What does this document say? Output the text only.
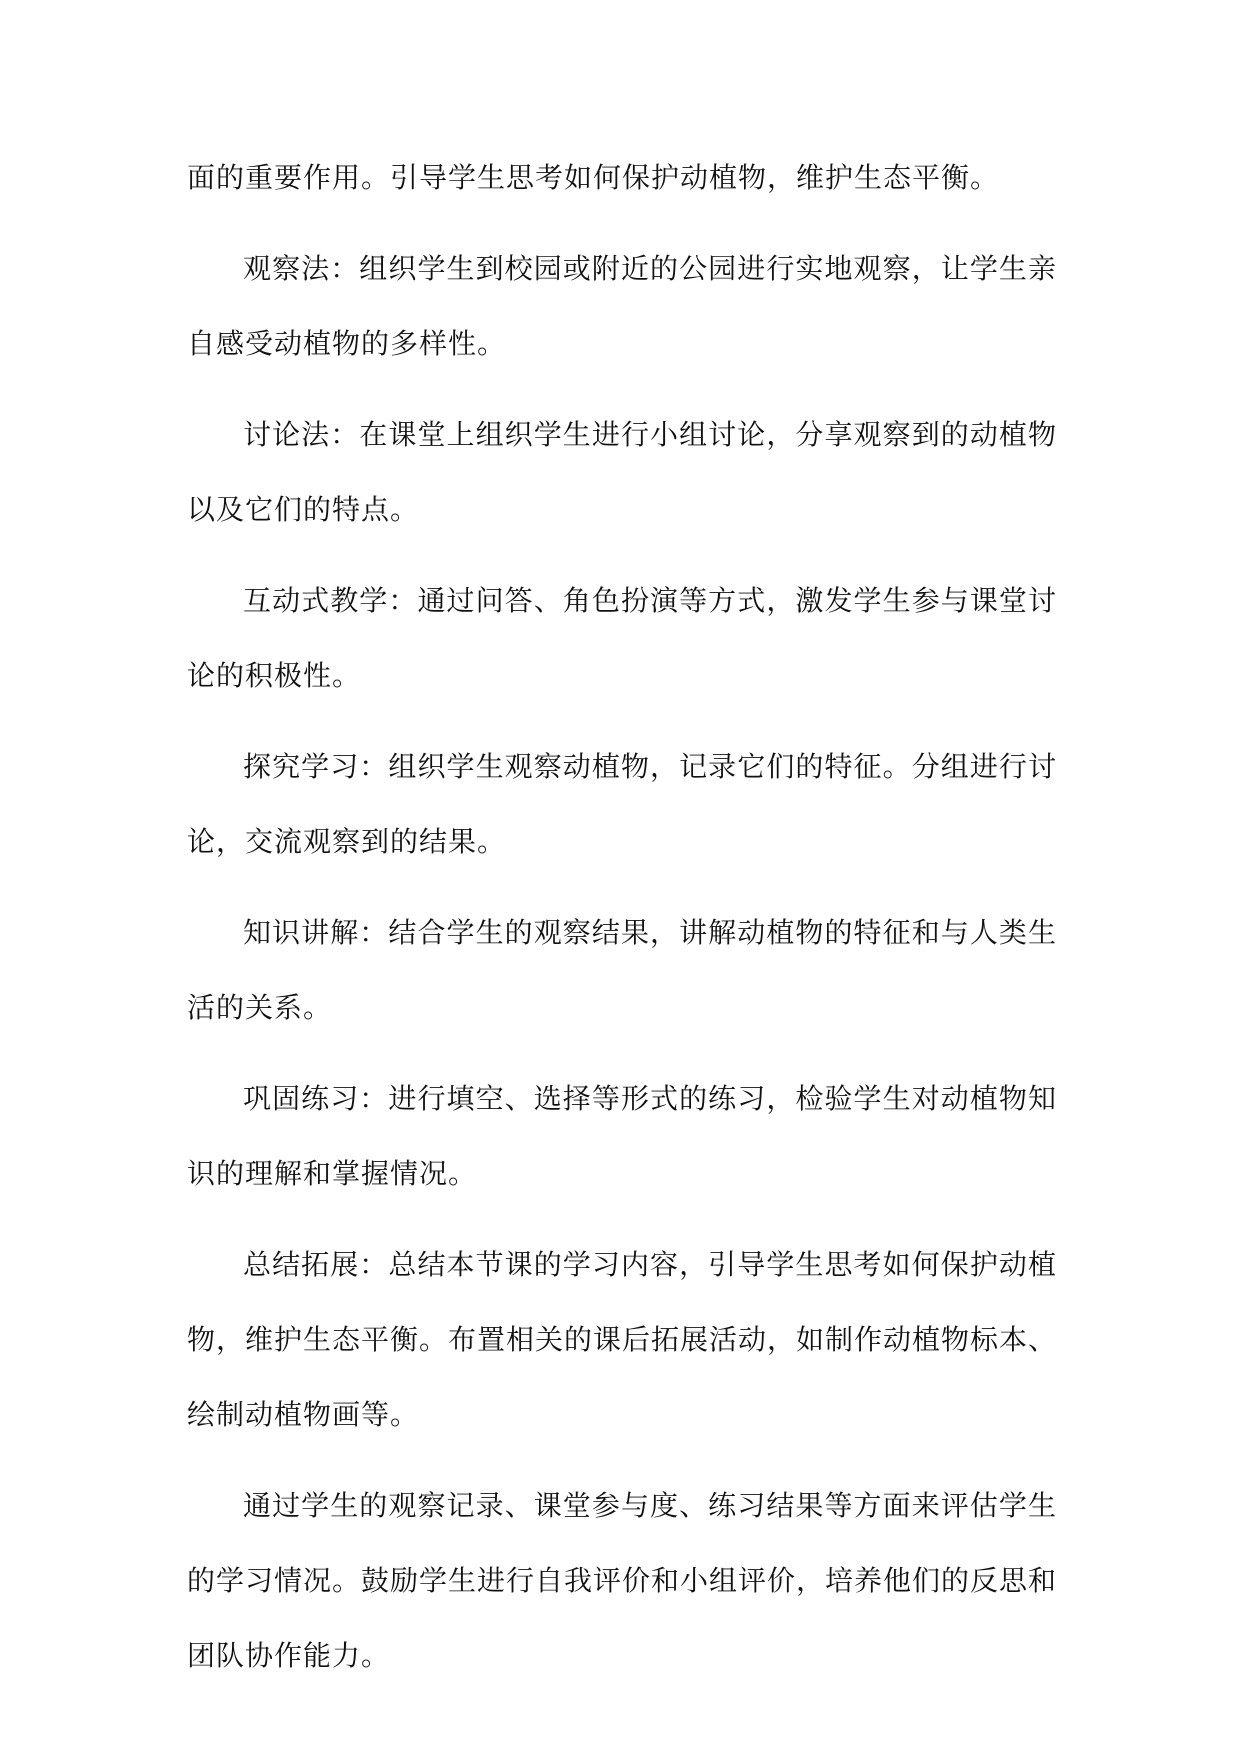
面的重要作用。引导学生思考如何保护动植物，维护生态平衡。

观察法：组织学生到校园或附近的公园进行实地观察，让学生亲自感受动植物的多样性。

讨论法：在课堂上组织学生进行小组讨论，分享观察到的动植物以及它们的特点。

互动式教学：通过问答、角色扮演等方式，激发学生参与课堂讨论的积极性。

探究学习：组织学生观察动植物，记录它们的特征。分组进行讨论，交流观察到的结果。

知识讲解：结合学生的观察结果，讲解动植物的特征和与人类生活的关系。

巩固练习：进行填空、选择等形式的练习，检验学生对动植物知识的理解和掌握情况。

总结拓展：总结本节课的学习内容，引导学生思考如何保护动植物，维护生态平衡。布置相关的课后拓展活动，如制作动植物标本、绘制动植物画等。

通过学生的观察记录、课堂参与度、练习结果等方面来评估学生的学习情况。鼓励学生进行自我评价和小组评价，培养他们的反思和团队协作能力。
